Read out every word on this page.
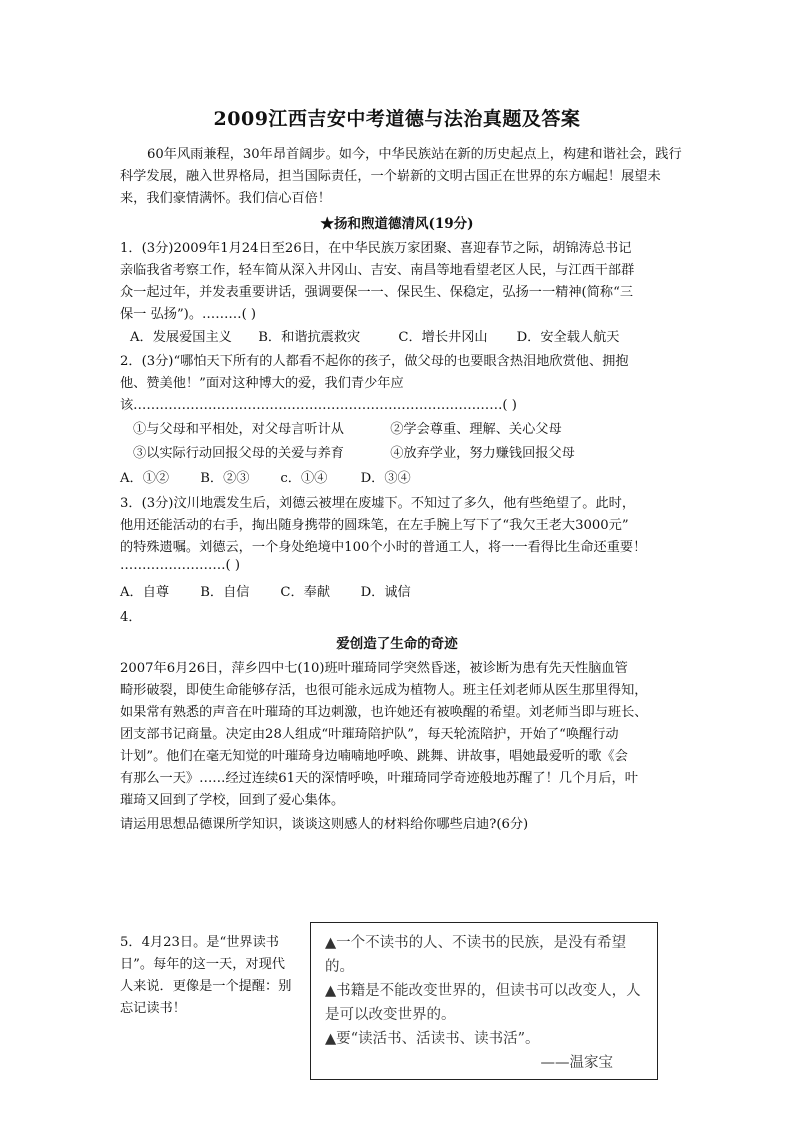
2009江西吉安中考道德与法治真题及答案
60年风雨兼程，30年昂首阔步。如今，中华民族站在新的历史起点上，构建和谐社会，践行科学发展，融入世界格局，担当国际责任，一个崭新的文明古国正在世界的东方崛起！展望未来，我们豪情满怀。我们信心百倍！
★扬和煦道德清风(19分)
1．(3分)2009年1月24日至26日，在中华民族万家团聚、喜迎春节之际，胡锦涛总书记
亲临我省考察工作，轻车简从深入井冈山、吉安、南昌等地看望老区人民，与江西干部群
众一起过年，并发表重要讲话，强调要保一一、保民生、保稳定，弘扬一一精神(简称“三
保一 弘扬”)。………( )
A．发展爱国主义 B．和谐抗震救灾	C．增长井冈山 D．安全载人航天
2．(3分)“哪怕天下所有的人都看不起你的孩子，做父母的也要眼含热泪地欣赏他、拥抱
他、赞美他！”面对这种博大的爱，我们青少年应
该…………………………………………………………………………( )
①与父母和平相处，对父母言听计从	②学会尊重、理解、关心父母
③以实际行动回报父母的关爱与养育	④放弃学业，努力赚钱回报父母
A．①② B．②③ c．①④	D．③④
3．(3分)汶川地震发生后，刘德云被埋在废墟下。不知过了多久，他有些绝望了。此时，
他用还能活动的右手，掏出随身携带的圆珠笔，在左手腕上写下了“我欠王老大3000元”
的特殊遗嘱。刘德云，一个身处绝境中100个小时的普通工人，将一一看得比生命还重要！
……………………( )
A．自尊 B．自信 C．奉献 D．诚信
4．
爱创造了生命的奇迹
2007年6月26日，萍乡四中七(10)班叶璀琦同学突然昏迷，被诊断为患有先天性脑血管
畸形破裂，即使生命能够存活，也很可能永远成为植物人。班主任刘老师从医生那里得知，
如果常有熟悉的声音在叶璀琦的耳边刺激，也许她还有被唤醒的希望。刘老师当即与班长、
团支部书记商量。决定由28人组成“叶璀琦陪护队”，每天轮流陪护，开始了“唤醒行动
计划”。他们在毫无知觉的叶璀琦身边喃喃地呼唤、跳舞、讲故事，唱她最爱听的歌《会
有那么一天》……经过连续61天的深情呼唤，叶璀琦同学奇迹般地苏醒了！几个月后，叶
璀琦又回到了学校，回到了爱心集体。
请运用思想品德课所学知识，谈谈这则感人的材料给你哪些启迪?(6分)
5．4月23日。是“世界读书日”。每年的这一天，对现代人来说．更像是一个提醒：别忘记读书！

▲一个不读书的人、不读书的民族，是没有希望的。

▲书籍是不能改变世界的，但读书可以改变人，人是可以改变世界的。

▲要“读活书、活读书、读书活”。

——温家宝
